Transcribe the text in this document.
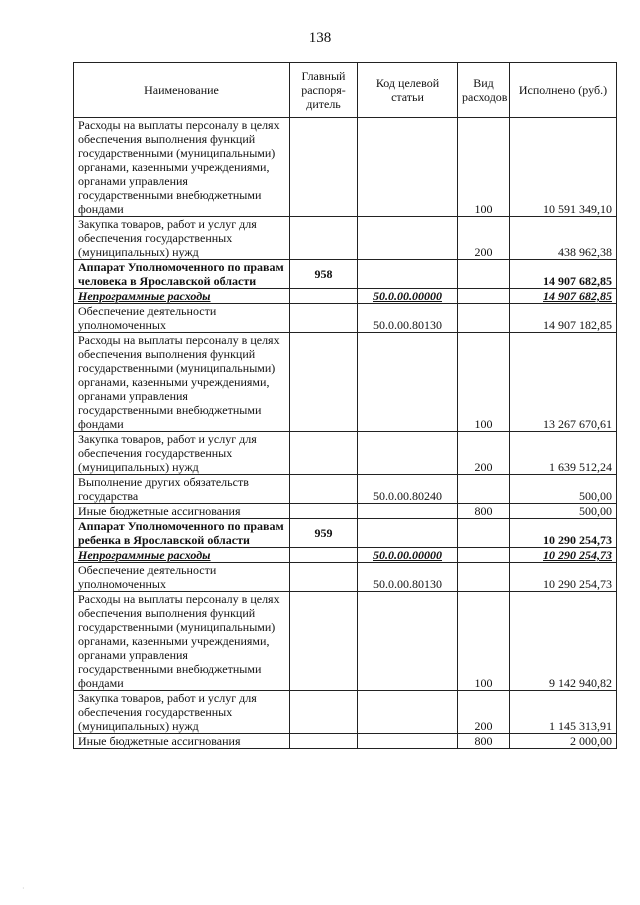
138
Наименование	Главный распоря-дитель	Код целевой статьи	Вид расходов	Исполнено (руб.)
Расходы на выплаты персоналу в целях обеспечения выполнения функций государственными (муниципальными) органами, казенными учреждениями, органами управления государственными внебюджетными фондами			100	10 591 349,10
Закупка товаров, работ и услуг для обеспечения государственных (муниципальных) нужд			200	438 962,38
Аппарат Уполномоченного по правам человека в Ярославской области	958			14 907 682,85
Непрограммные расходы		50.0.00.00000		14 907 682,85
Обеспечение деятельности уполномоченных		50.0.00.80130		14 907 182,85
Расходы на выплаты персоналу в целях обеспечения выполнения функций государственными (муниципальными) органами, казенными учреждениями, органами управления государственными внебюджетными фондами			100	13 267 670,61
Закупка товаров, работ и услуг для обеспечения государственных (муниципальных) нужд			200	1 639 512,24
Выполнение других обязательств государства		50.0.00.80240		500,00
Иные бюджетные ассигнования			800	500,00
Аппарат Уполномоченного по правам ребенка в Ярославской области	959			10 290 254,73
Непрограммные расходы		50.0.00.00000		10 290 254,73
Обеспечение деятельности уполномоченных		50.0.00.80130		10 290 254,73
Расходы на выплаты персоналу в целях обеспечения выполнения функций государственными (муниципальными) органами, казенными учреждениями, органами управления государственными внебюджетными фондами			100	9 142 940,82
Закупка товаров, работ и услуг для обеспечения государственных (муниципальных) нужд			200	1 145 313,91
Иные бюджетные ассигнования			800	2 000,00
·
